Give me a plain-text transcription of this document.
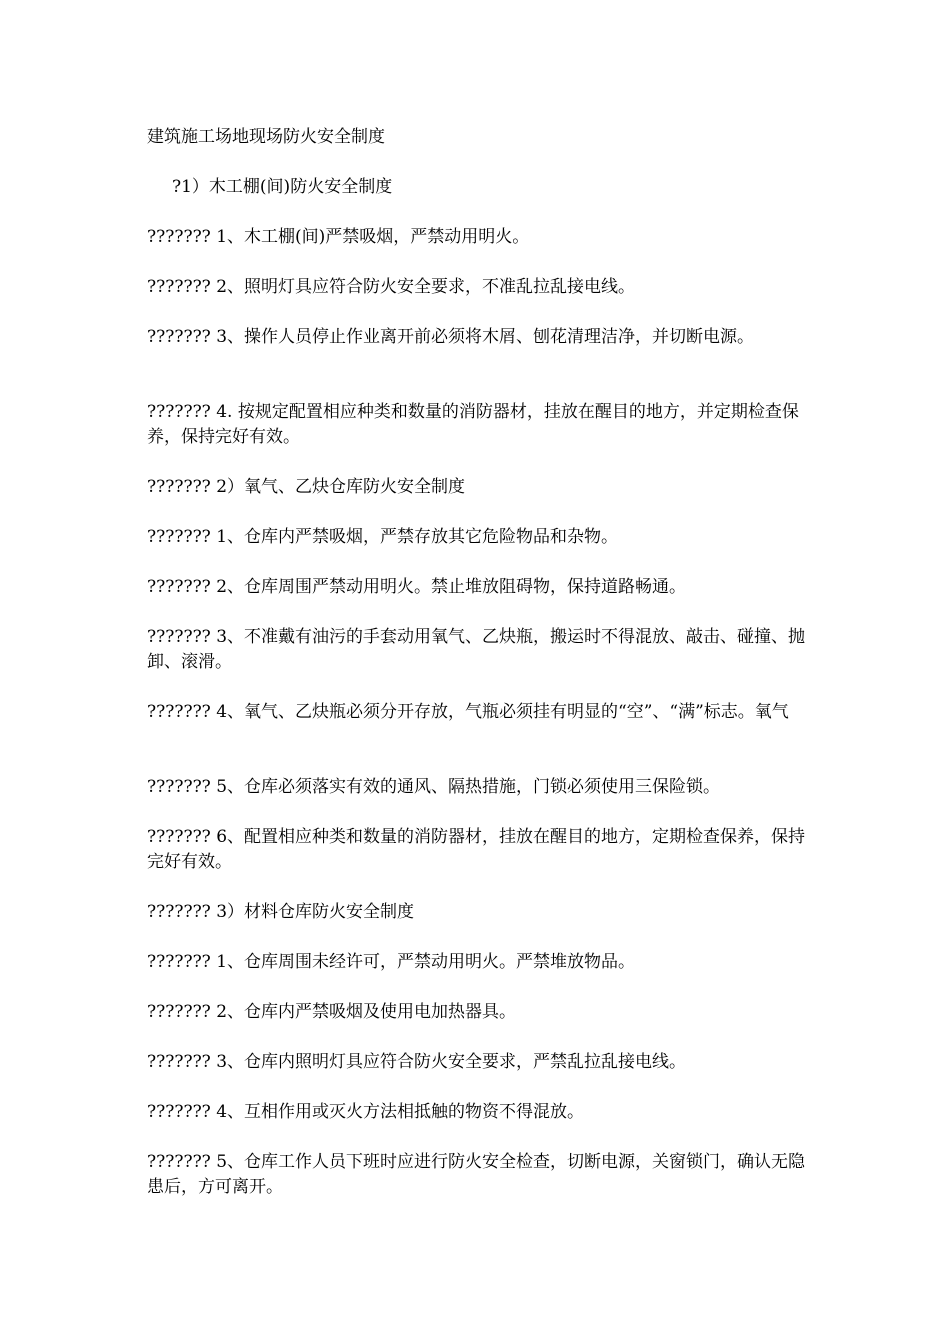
建筑施工场地现场防火安全制度

?1）木工棚(间)防火安全制度

??????? 1、木工棚(间)严禁吸烟，严禁动用明火。

??????? 2、照明灯具应符合防火安全要求，不准乱拉乱接电线。

??????? 3、操作人员停止作业离开前必须将木屑、刨花清理洁净，并切断电源。

??????? 4. 按规定配置相应种类和数量的消防器材，挂放在醒目的地方，并定期检查保养，保持完好有效。

??????? 2）氧气、乙炔仓库防火安全制度

??????? 1、仓库内严禁吸烟，严禁存放其它危险物品和杂物。

??????? 2、仓库周围严禁动用明火。禁止堆放阻碍物，保持道路畅通。

??????? 3、不准戴有油污的手套动用氧气、乙炔瓶，搬运时不得混放、敲击、碰撞、抛卸、滚滑。

??????? 4、氧气、乙炔瓶必须分开存放，气瓶必须挂有明显的“空”、“满”标志。氧气

??????? 5、仓库必须落实有效的通风、隔热措施，门锁必须使用三保险锁。

??????? 6、配置相应种类和数量的消防器材，挂放在醒目的地方，定期检查保养，保持完好有效。

??????? 3）材料仓库防火安全制度

??????? 1、仓库周围未经许可，严禁动用明火。严禁堆放物品。

??????? 2、仓库内严禁吸烟及使用电加热器具。

??????? 3、仓库内照明灯具应符合防火安全要求，严禁乱拉乱接电线。

??????? 4、互相作用或灭火方法相抵触的物资不得混放。

??????? 5、仓库工作人员下班时应进行防火安全检查，切断电源，关窗锁门，确认无隐患后，方可离开。
